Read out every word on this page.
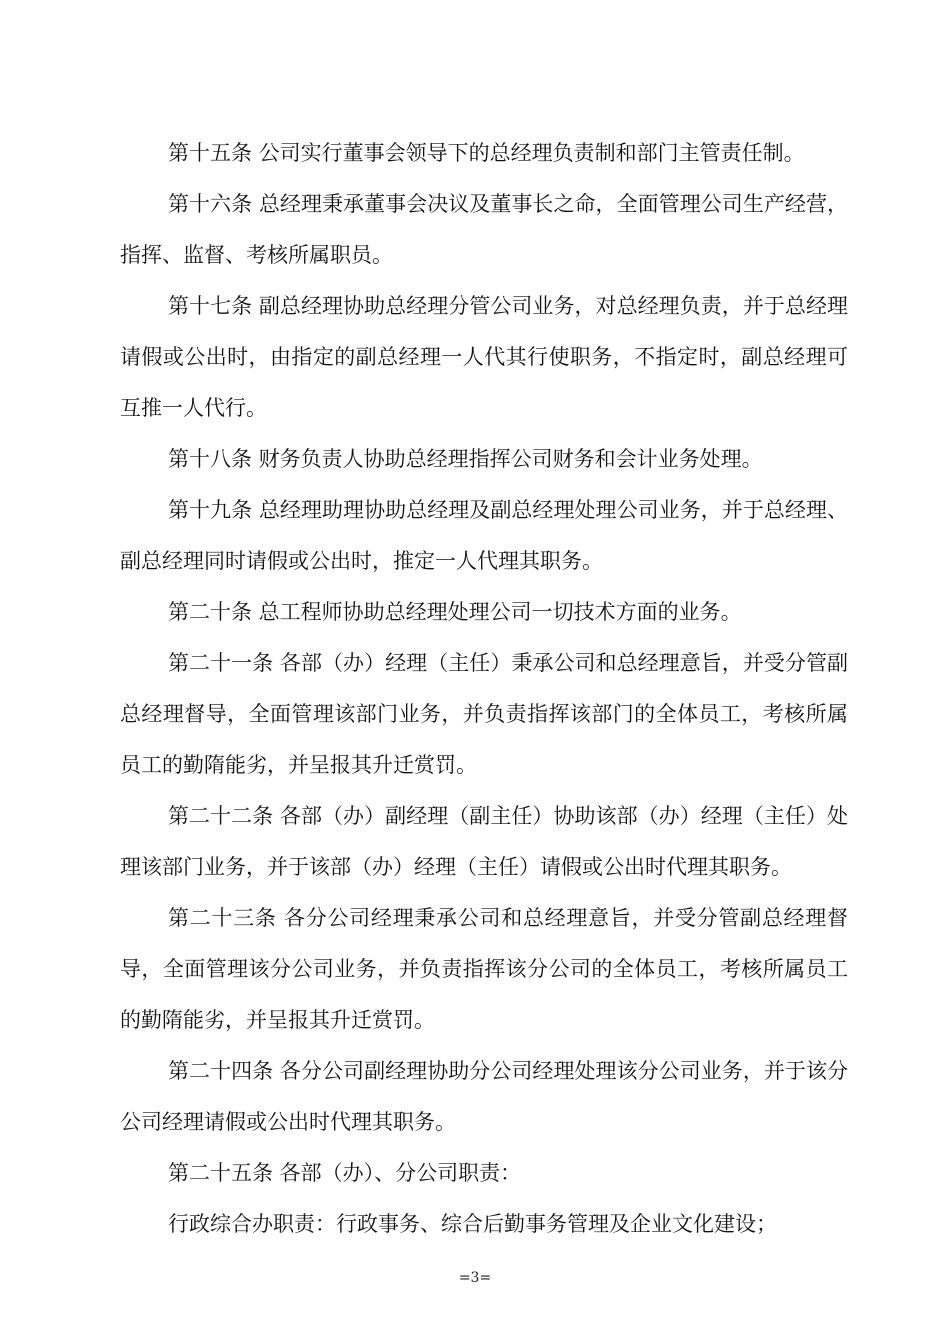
第十五条 公司实行董事会领导下的总经理负责制和部门主管责任制。

第十六条 总经理秉承董事会决议及董事长之命，全面管理公司生产经营，指挥、监督、考核所属职员。

第十七条 副总经理协助总经理分管公司业务，对总经理负责，并于总经理请假或公出时，由指定的副总经理一人代其行使职务，不指定时，副总经理可互推一人代行。

第十八条 财务负责人协助总经理指挥公司财务和会计业务处理。

第十九条 总经理助理协助总经理及副总经理处理公司业务，并于总经理、副总经理同时请假或公出时，推定一人代理其职务。

第二十条 总工程师协助总经理处理公司一切技术方面的业务。

第二十一条 各部（办）经理（主任）秉承公司和总经理意旨，并受分管副总经理督导，全面管理该部门业务，并负责指挥该部门的全体员工，考核所属员工的勤隋能劣，并呈报其升迁赏罚。

第二十二条 各部（办）副经理（副主任）协助该部（办）经理（主任）处理该部门业务，并于该部（办）经理（主任）请假或公出时代理其职务。

第二十三条 各分公司经理秉承公司和总经理意旨，并受分管副总经理督导，全面管理该分公司业务，并负责指挥该分公司的全体员工，考核所属员工的勤隋能劣，并呈报其升迁赏罚。

第二十四条 各分公司副经理协助分公司经理处理该分公司业务，并于该分公司经理请假或公出时代理其职务。

第二十五条 各部（办）、分公司职责：

行政综合办职责：行政事务、综合后勤事务管理及企业文化建设；

=3=
